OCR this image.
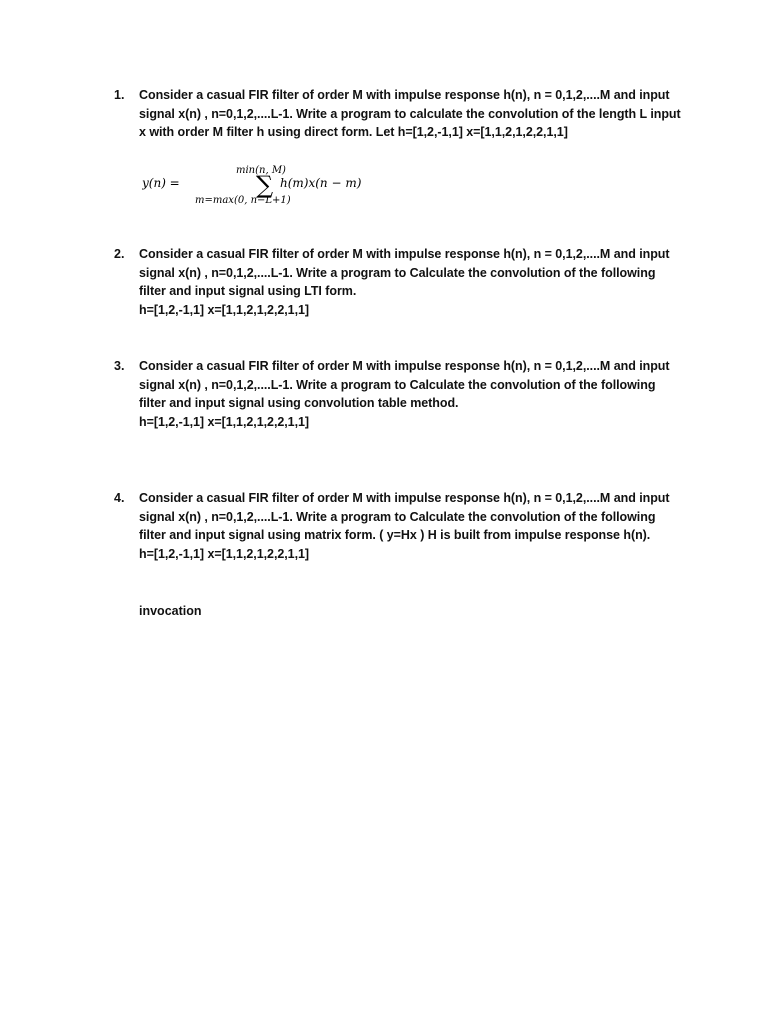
1. Consider a casual FIR filter of order M with impulse response h(n), n = 0,1,2,....M and input
signal x(n) , n=0,1,2,....L-1. Write a program to calculate the convolution of the length L input
x with order M filter h using direct form. Let h=[1,2,-1,1] x=[1,1,2,1,2,2,1,1]
y(n) =
min(n, M)
∑ h(m)x(n − m)
m=max(0, n−L+1)
2. Consider a casual FIR filter of order M with impulse response h(n), n = 0,1,2,....M and input
signal x(n) , n=0,1,2,....L-1. Write a program to Calculate the convolution of the following
filter and input signal using LTI form.
h=[1,2,-1,1] x=[1,1,2,1,2,2,1,1]
3. Consider a casual FIR filter of order M with impulse response h(n), n = 0,1,2,....M and input
signal x(n) , n=0,1,2,....L-1. Write a program to Calculate the convolution of the following
filter and input signal using convolution table method.
h=[1,2,-1,1] x=[1,1,2,1,2,2,1,1]
4. Consider a casual FIR filter of order M with impulse response h(n), n = 0,1,2,....M and input
signal x(n) , n=0,1,2,....L-1. Write a program to Calculate the convolution of the following
filter and input signal using matrix form. ( y=Hx ) H is built from impulse response h(n).
h=[1,2,-1,1] x=[1,1,2,1,2,2,1,1]
invocation
